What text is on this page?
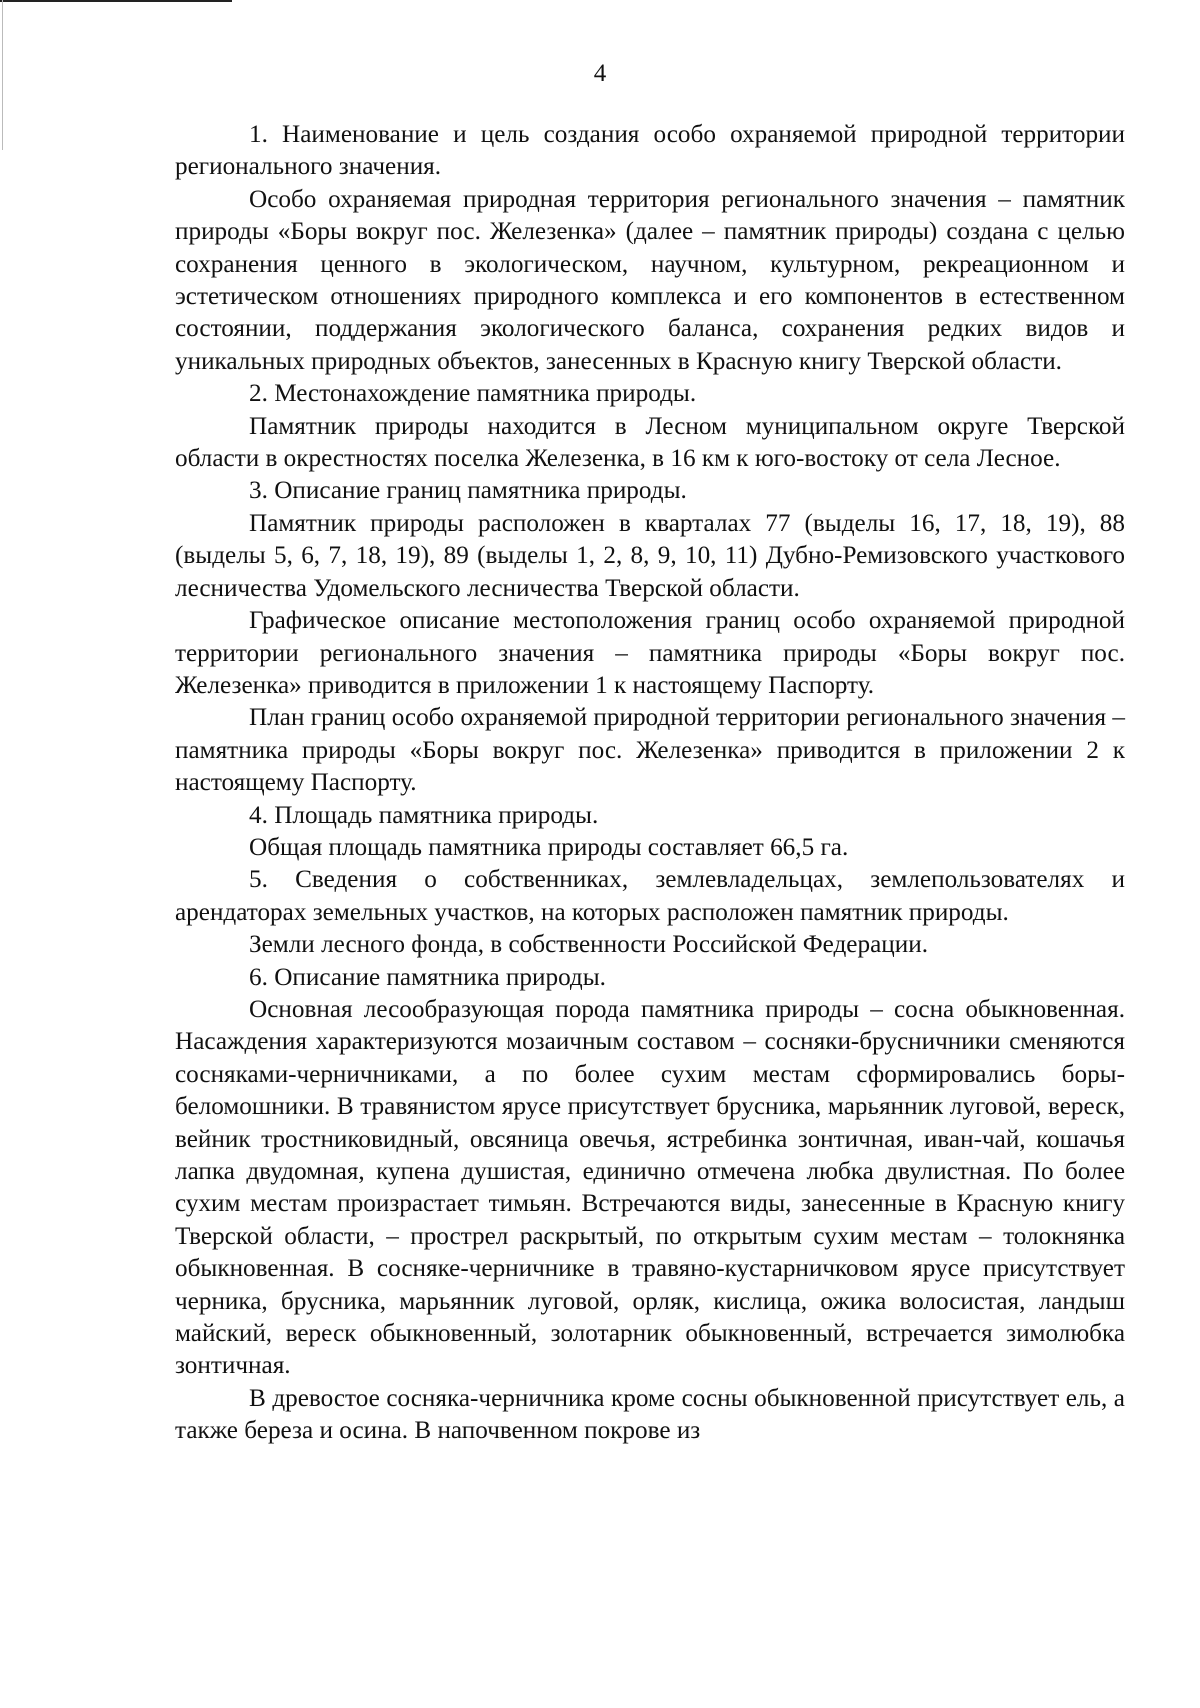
4

1. Наименование и цель создания особо охраняемой природной территории регионального значения.

Особо охраняемая природная территория регионального значения – памятник природы «Боры вокруг пос. Железенка» (далее – памятник природы) создана с целью сохранения ценного в экологическом, научном, культурном, рекреационном и эстетическом отношениях природного комплекса и его компонентов в естественном состоянии, поддержания экологического баланса, сохранения редких видов и уникальных природных объектов, занесенных в Красную книгу Тверской области.

2. Местонахождение памятника природы.

Памятник природы находится в Лесном муниципальном округе Тверской области в окрестностях поселка Железенка, в 16 км к юго-востоку от села Лесное.

3. Описание границ памятника природы.

Памятник природы расположен в кварталах 77 (выделы 16, 17, 18, 19), 88 (выделы 5, 6, 7, 18, 19), 89 (выделы 1, 2, 8, 9, 10, 11) Дубно-Ремизовского участкового лесничества Удомельского лесничества Тверской области.

Графическое описание местоположения границ особо охраняемой природной территории регионального значения – памятника природы «Боры вокруг пос. Железенка» приводится в приложении 1 к настоящему Паспорту.

План границ особо охраняемой природной территории регионального значения – памятника природы «Боры вокруг пос. Железенка» приводится в приложении 2 к настоящему Паспорту.

4. Площадь памятника природы.

Общая площадь памятника природы составляет 66,5 га.

5. Сведения о собственниках, землевладельцах, землепользователях и арендаторах земельных участков, на которых расположен памятник природы.

Земли лесного фонда, в собственности Российской Федерации.

6. Описание памятника природы.

Основная лесообразующая порода памятника природы – сосна обыкновенная. Насаждения характеризуются мозаичным составом – сосняки-брусничники сменяются сосняками-черничниками, а по более сухим местам сформировались боры-беломошники. В травянистом ярусе присутствует брусника, марьянник луговой, вереск, вейник тростниковидный, овсяница овечья, ястребинка зонтичная, иван-чай, кошачья лапка двудомная, купена душистая, единично отмечена любка двулистная. По более сухим местам произрастает тимьян. Встречаются виды, занесенные в Красную книгу Тверской области, – прострел раскрытый, по открытым сухим местам – толокнянка обыкновенная. В сосняке-черничнике в травяно-кустарничковом ярусе присутствует черника, брусника, марьянник луговой, орляк, кислица, ожика волосистая, ландыш майский, вереск обыкновенный, золотарник обыкновенный, встречается зимолюбка зонтичная.

В древостое сосняка-черничника кроме сосны обыкновенной присутствует ель, а также береза и осина. В напочвенном покрове из
